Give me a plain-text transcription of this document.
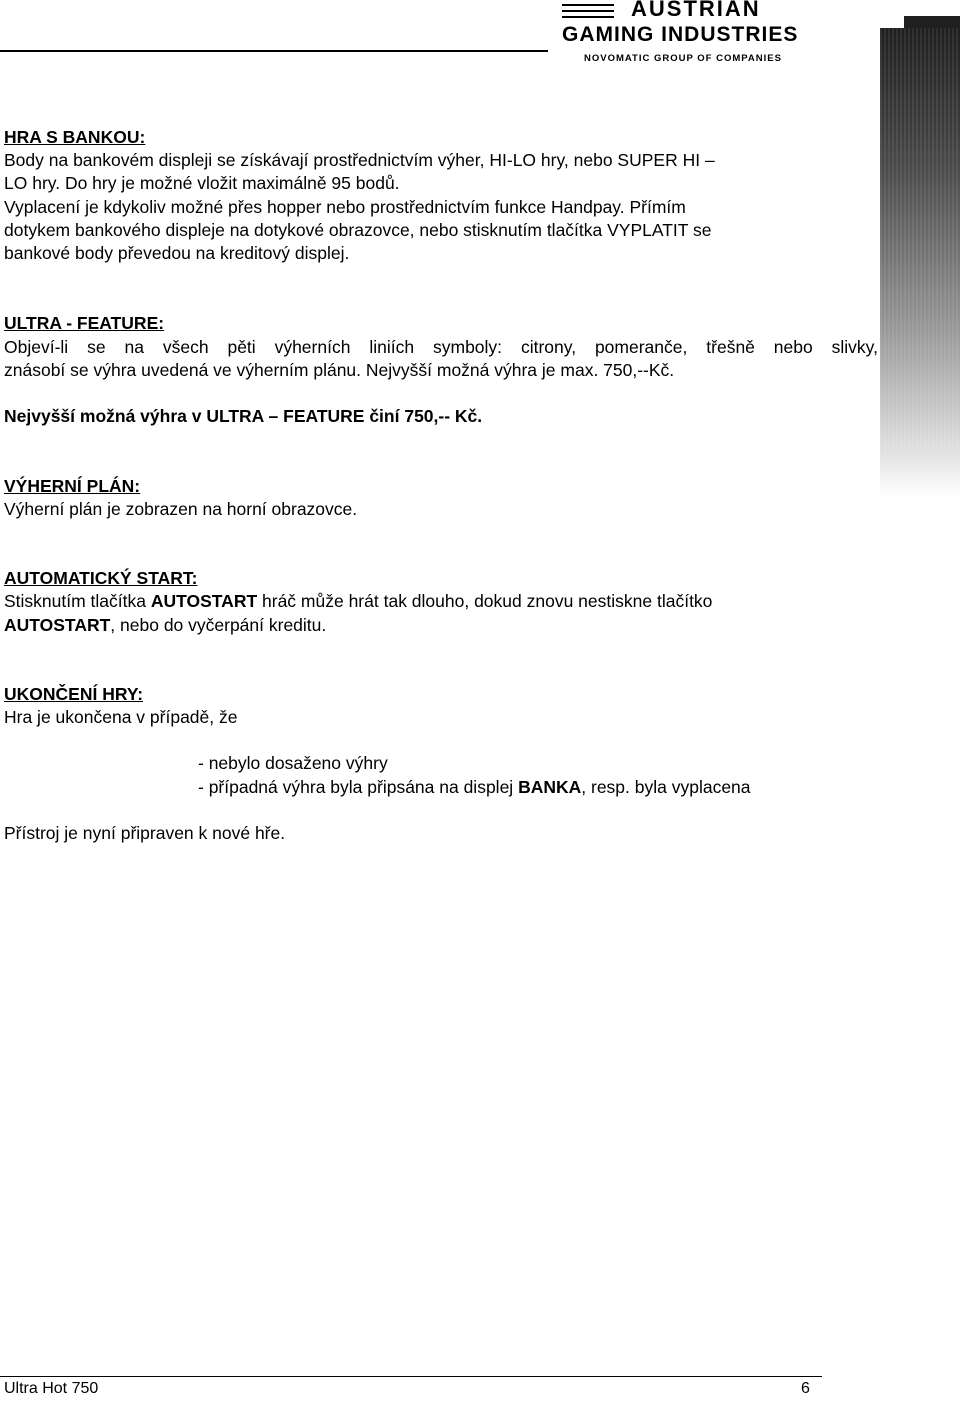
AUSTRIAN
GAMING INDUSTRIES
NOVOMATIC GROUP OF COMPANIES
HRA S BANKOU:
Body na bankovém displeji se získávají prostřednictvím výher, HI-LO hry, nebo SUPER HI –
LO hry. Do hry je možné vložit maximálně 95 bodů.
Vyplacení je kdykoliv možné přes hopper nebo prostřednictvím funkce Handpay. Přímím
dotykem bankového displeje na dotykové obrazovce, nebo stisknutím tlačítka VYPLATIT se
bankové body převedou na kreditový displej.
ULTRA - FEATURE:
Objeví-li se na všech pěti výherních liniích symboly: citrony, pomeranče, třešně nebo slivky,
znásobí se výhra uvedená ve výherním plánu. Nejvyšší možná výhra je max. 750,--Kč.
Nejvyšší možná výhra v ULTRA – FEATURE činí 750,-- Kč.
VÝHERNÍ PLÁN:
Výherní plán je zobrazen na horní obrazovce.
AUTOMATICKÝ START:
Stisknutím tlačítka AUTOSTART hráč může hrát tak dlouho, dokud znovu nestiskne tlačítko
AUTOSTART, nebo do vyčerpání kreditu.
UKONČENÍ HRY:
Hra je ukončena v případě, že
- nebylo dosaženo výhry
- případná výhra byla připsána na displej BANKA, resp. byla vyplacena
Přístroj je nyní připraven k nové hře.
Ultra Hot 750	6
